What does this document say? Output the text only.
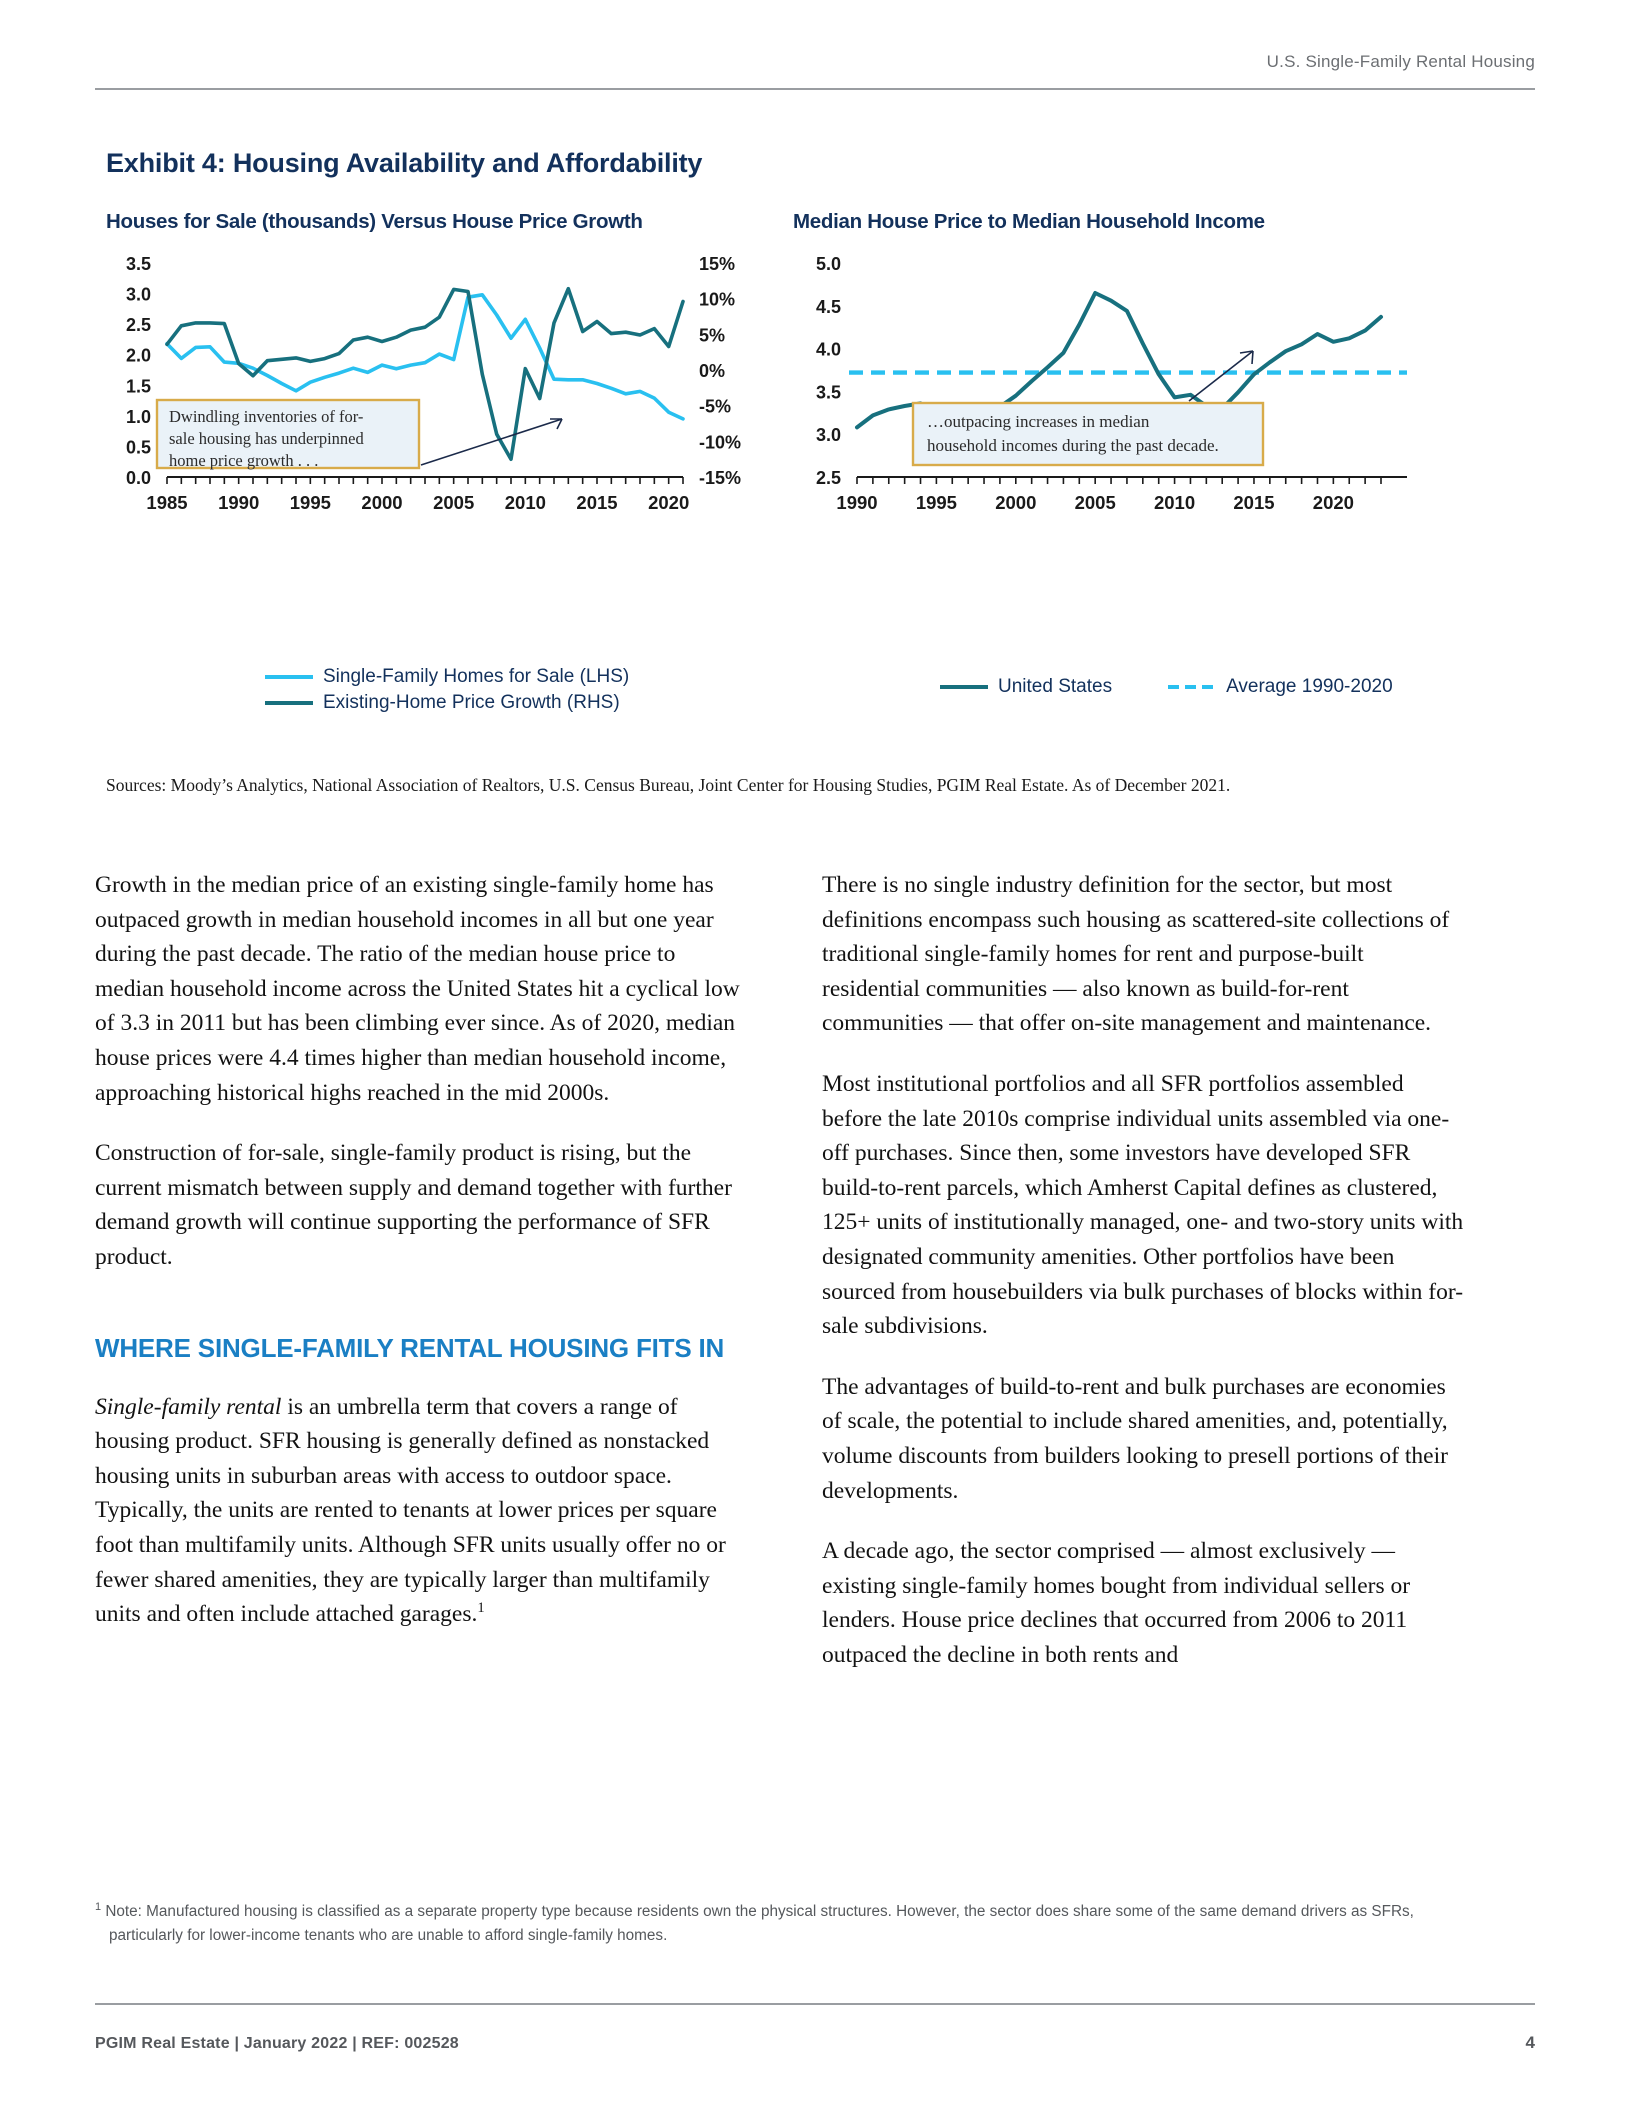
U.S. Single-Family Rental Housing
Exhibit 4: Housing Availability and Affordability
Houses for Sale (thousands) Versus House Price Growth	Median House Price to Median Household Income
0.0
0.5
1.0
1.5
2.0
2.5
3.0
3.5
-15%
-10%
-5%
0%
5%
10%
15%
1985 1990 1995 2000 2005 2010 2015 2020
Dwindling inventories of for-
sale housing has underpinned
home price growth . . .
Single-Family Homes for Sale (LHS)
Existing-Home Price Growth (RHS)
2.5
3.0
3.5
4.0
4.5
5.0
1990 1995 2000 2005 2010 2015 2020
…outpacing increases in median
household incomes during the past decade.
United States	Average 1990-2020
Sources: Moody’s Analytics, National Association of Realtors, U.S. Census Bureau, Joint Center for Housing Studies, PGIM Real Estate. As of December 2021.

Growth in the median price of an existing single-family home has outpaced growth in median household incomes in all but one year during the past decade. The ratio of the median house price to median household income across the United States hit a cyclical low of 3.3 in 2011 but has been climbing ever since. As of 2020, median house prices were 4.4 times higher than median household income, approaching historical highs reached in the mid 2000s.

Construction of for-sale, single-family product is rising, but the current mismatch between supply and demand together with further demand growth will continue supporting the performance of SFR product.

WHERE SINGLE-FAMILY RENTAL HOUSING FITS IN

Single-family rental is an umbrella term that covers a range of housing product. SFR housing is generally defined as nonstacked housing units in suburban areas with access to outdoor space. Typically, the units are rented to tenants at lower prices per square foot than multifamily units. Although SFR units usually offer no or fewer shared amenities, they are typically larger than multifamily units and often include attached garages.$^1$

There is no single industry definition for the sector, but most definitions encompass such housing as scattered-site collections of traditional single-family homes for rent and purpose-built residential communities — also known as build-for-rent communities — that offer on-site management and maintenance.

Most institutional portfolios and all SFR portfolios assembled before the late 2010s comprise individual units assembled via one-off purchases. Since then, some investors have developed SFR build-to-rent parcels, which Amherst Capital defines as clustered, 125+ units of institutionally managed, one- and two-story units with designated community amenities. Other portfolios have been sourced from housebuilders via bulk purchases of blocks within for-sale subdivisions.

The advantages of build-to-rent and bulk purchases are economies of scale, the potential to include shared amenities, and, potentially, volume discounts from builders looking to presell portions of their developments.

A decade ago, the sector comprised — almost exclusively — existing single-family homes bought from individual sellers or lenders. House price declines that occurred from 2006 to 2011 outpaced the decline in both rents and

$^1$ Note: Manufactured housing is classified as a separate property type because residents own the physical structures. However, the sector does share some of the same demand drivers as SFRs,
particularly for lower-income tenants who are unable to afford single-family homes.
PGIM Real Estate | January 2022 | REF: 002528	4
